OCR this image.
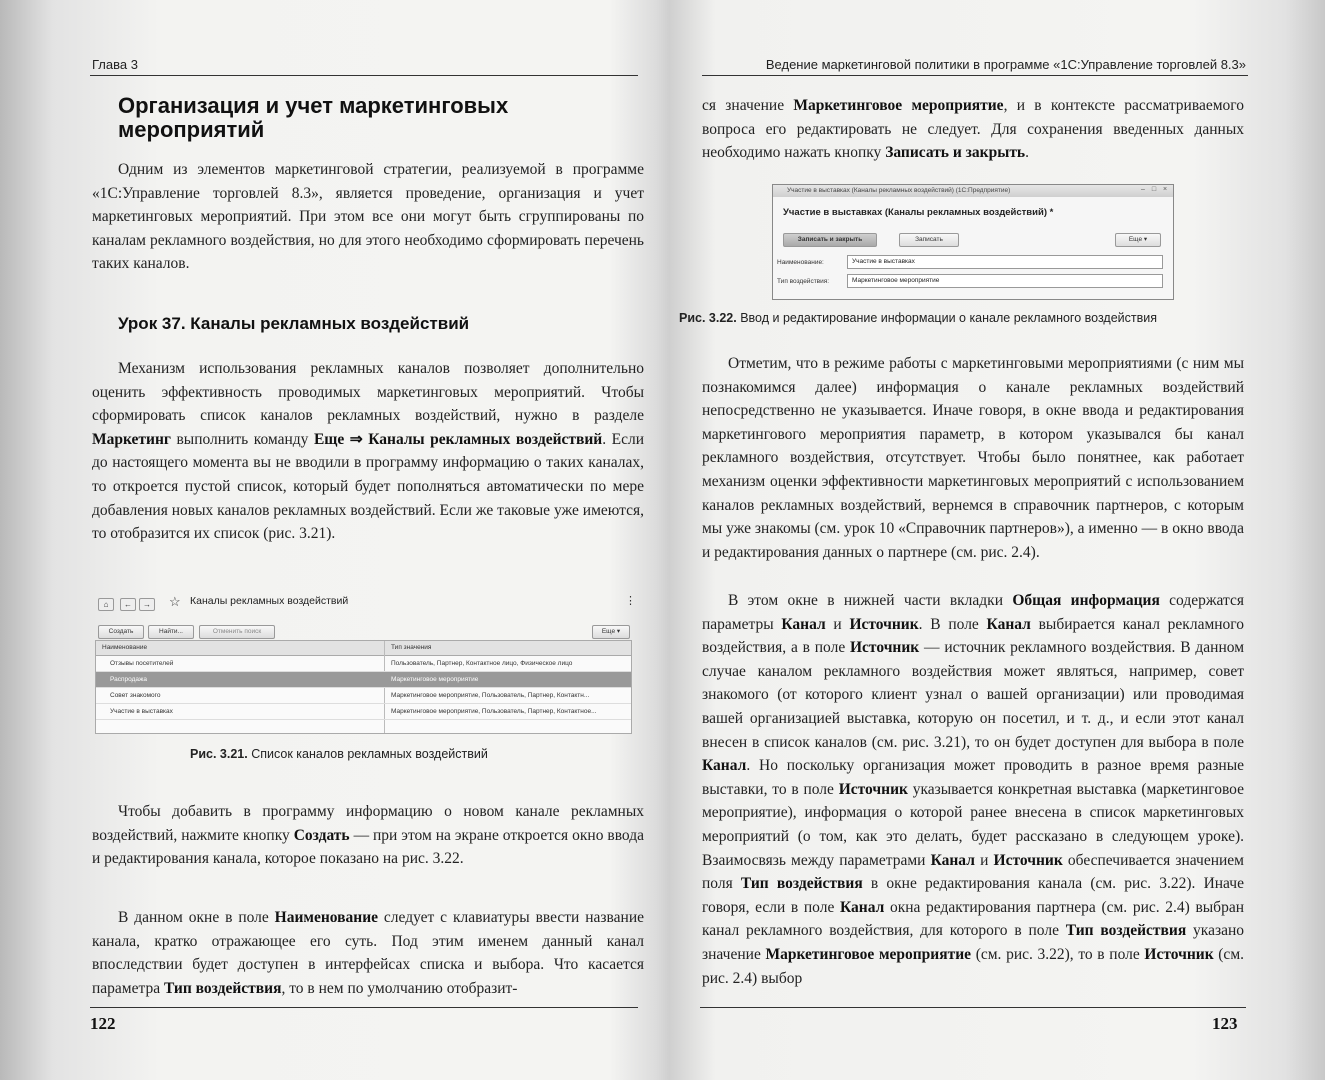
Глава 3
Организация и учет маркетинговых мероприятий

Одним из элементов маркетинговой стратегии, реализуемой в программе «1С:Управление торговлей 8.3», является проведение, организация и учет маркетинговых мероприятий. При этом все они могут быть сгруппированы по каналам рекламного воздействия, но для этого необходимо сформировать перечень таких каналов.

Урок 37. Каналы рекламных воздействий

Механизм использования рекламных каналов позволяет дополнительно оценить эффективность проводимых маркетинговых мероприятий. Чтобы сформировать список каналов рекламных воздействий, нужно в разделе Маркетинг выполнить команду Еще ⇒ Каналы рекламных воздействий. Если до настоящего момента вы не вводили в программу информацию о таких каналах, то откроется пустой список, который будет пополняться автоматически по мере добавления новых каналов рекламных воздействий. Если же таковые уже имеются, то отобразится их список (рис. 3.21).

⌂	←	→	☆ Каналы рекламных воздействий	⋮
Создать	Найти...	Отменить поиск	Еще ▾
Наименование	Тип значения
Отзывы посетителей	Пользователь, Партнер, Контактное лицо, Физическое лицо
Распродажа	Маркетинговое мероприятие
Совет знакомого	Маркетинговое мероприятие, Пользователь, Партнер, Контактн...
Участие в выставках	Маркетинговое мероприятие, Пользователь, Партнер, Контактное...
Рис. 3.21. Список каналов рекламных воздействий

Чтобы добавить в программу информацию о новом канале рекламных воздействий, нажмите кнопку Создать — при этом на экране откроется окно ввода и редактирования канала, которое показано на рис. 3.22.

В данном окне в поле Наименование следует с клавиатуры ввести название канала, кратко отражающее его суть. Под этим именем данный канал впоследствии будет доступен в интерфейсах списка и выбора. Что касается параметра Тип воздействия, то в нем по умолчанию отобразит-

122
Ведение маркетинговой политики в программе «1С:Управление торговлей 8.3»

ся значение Маркетинговое мероприятие, и в контексте рассматриваемого вопроса его редактировать не следует. Для сохранения введенных данных необходимо нажать кнопку Записать и закрыть.

Участие в выставках (Каналы рекламных воздействий) (1С:Предприятие)	– □ ×
Участие в выставках (Каналы рекламных воздействий) *
Записать и закрыть	Записать	Еще ▾
Наименование:	Участие в выставках
Тип воздействия:	Маркетинговое мероприятие
Рис. 3.22. Ввод и редактирование информации о канале рекламного воздействия

Отметим, что в режиме работы с маркетинговыми мероприятиями (с ним мы познакомимся далее) информация о канале рекламных воздействий непосредственно не указывается. Иначе говоря, в окне ввода и редактирования маркетингового мероприятия параметр, в котором указывался бы канал рекламного воздействия, отсутствует. Чтобы было понятнее, как работает механизм оценки эффективности маркетинговых мероприятий с использованием каналов рекламных воздействий, вернемся в справочник партнеров, с которым мы уже знакомы (см. урок 10 «Справочник партнеров»), а именно — в окно ввода и редактирования данных о партнере (см. рис. 2.4).

В этом окне в нижней части вкладки Общая информация содержатся параметры Канал и Источник. В поле Канал выбирается канал рекламного воздействия, а в поле Источник — источник рекламного воздействия. В данном случае каналом рекламного воздействия может являться, например, совет знакомого (от которого клиент узнал о вашей организации) или проводимая вашей организацией выставка, которую он посетил, и т. д., и если этот канал внесен в список каналов (см. рис. 3.21), то он будет доступен для выбора в поле Канал. Но поскольку организация может проводить в разное время разные выставки, то в поле Источник указывается конкретная выставка (маркетинговое мероприятие), информация о которой ранее внесена в список маркетинговых мероприятий (о том, как это делать, будет рассказано в следующем уроке). Взаимосвязь между параметрами Канал и Источник обеспечивается значением поля Тип воздействия в окне редактирования канала (см. рис. 3.22). Иначе говоря, если в поле Канал окна редактирования партнера (см. рис. 2.4) выбран канал рекламного воздействия, для которого в поле Тип воздействия указано значение Маркетинговое мероприятие (см. рис. 3.22), то в поле Источник (см. рис. 2.4) выбор

123
